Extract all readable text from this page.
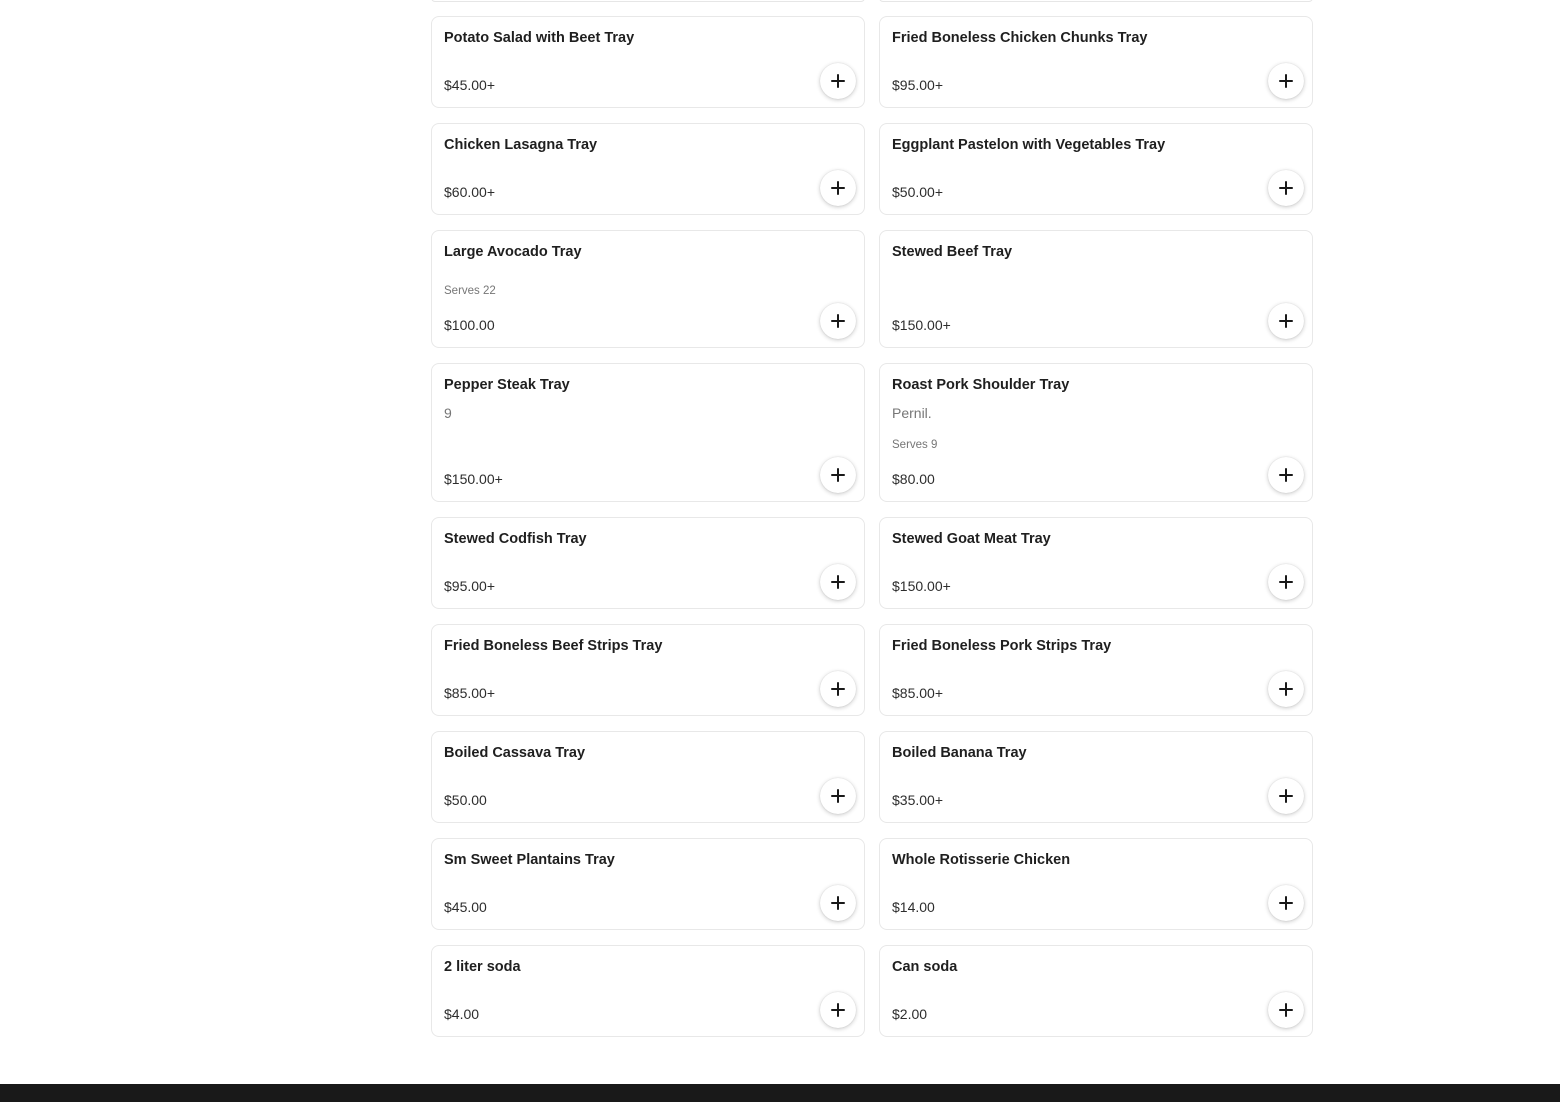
Potato Salad with Beet Tray
$45.00+
Fried Boneless Chicken Chunks Tray
$95.00+
Chicken Lasagna Tray
$60.00+
Eggplant Pastelon with Vegetables Tray
$50.00+
Large Avocado Tray
Serves 22
$100.00
Stewed Beef Tray
$150.00+
Pepper Steak Tray
9
$150.00+
Roast Pork Shoulder Tray
Pernil.
Serves 9
$80.00
Stewed Codfish Tray
$95.00+
Stewed Goat Meat Tray
$150.00+
Fried Boneless Beef Strips Tray
$85.00+
Fried Boneless Pork Strips Tray
$85.00+
Boiled Cassava Tray
$50.00
Boiled Banana Tray
$35.00+
Sm Sweet Plantains Tray
$45.00
Whole Rotisserie Chicken
$14.00
2 liter soda
$4.00
Can soda
$2.00
